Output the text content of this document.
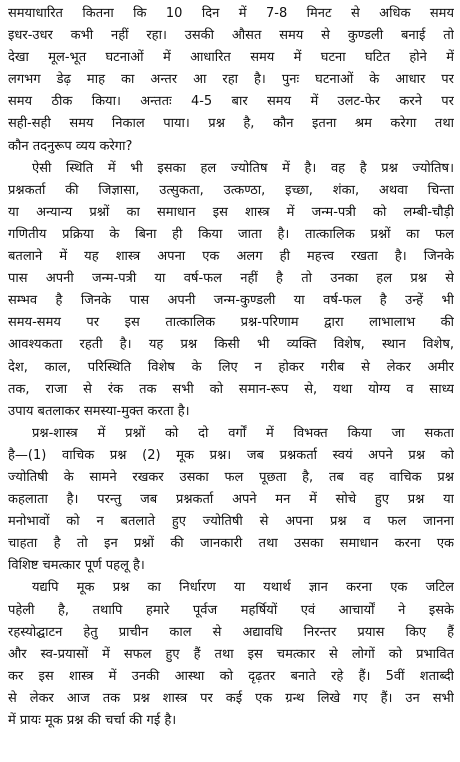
समयाधारित कितना कि 10 दिन में 7-8 मिनट से अधिक समय
इधर-उधर कभी नहीं रहा। उसकी औसत समय से कुण्डली बनाई तो
देखा मूल-भूत घटनाओं में आधारित समय में घटना घटित होने में
लगभग डेढ़ माह का अन्तर आ रहा है। पुनः घटनाओं के आधार पर
समय ठीक किया। अन्ततः 4-5 बार समय में उलट-फेर करने पर
सही-सही समय निकाल पाया। प्रश्न है, कौन इतना श्रम करेगा तथा
कौन तदनुरूप व्यय करेगा?
ऐसी स्थिति में भी इसका हल ज्योतिष में है। वह है प्रश्न ज्योतिष।
प्रश्नकर्ता की जिज्ञासा, उत्सुकता, उत्कण्ठा, इच्छा, शंका, अथवा चिन्ता
या अन्यान्य प्रश्नों का समाधान इस शास्त्र में जन्म-पत्री को लम्बी-चौड़ी
गणितीय प्रक्रिया के बिना ही किया जाता है। तात्कालिक प्रश्नों का फल
बतलाने में यह शास्त्र अपना एक अलग ही महत्त्व रखता है। जिनके
पास अपनी जन्म-पत्री या वर्ष-फल नहीं है तो उनका हल प्रश्न से
सम्भव है जिनके पास अपनी जन्म-कुण्डली या वर्ष-फल है उन्हें भी
समय-समय पर इस तात्कालिक प्रश्न-परिणाम द्वारा लाभालाभ की
आवश्यकता रहती है। यह प्रश्न किसी भी व्यक्ति विशेष, स्थान विशेष,
देश, काल, परिस्थिति विशेष के लिए न होकर गरीब से लेकर अमीर
तक, राजा से रंक तक सभी को समान-रूप से, यथा योग्य व साध्य
उपाय बतलाकर समस्या-मुक्त करता है।
प्रश्न-शास्त्र में प्रश्नों को दो वर्गों में विभक्त किया जा सकता
है—(1) वाचिक प्रश्न (2) मूक प्रश्न। जब प्रश्नकर्ता स्वयं अपने प्रश्न को
ज्योतिषी के सामने रखकर उसका फल पूछता है, तब वह वाचिक प्रश्न
कहलाता है। परन्तु जब प्रश्नकर्ता अपने मन में सोचे हुए प्रश्न या
मनोभावों को न बतलाते हुए ज्योतिषी से अपना प्रश्न व फल जानना
चाहता है तो इन प्रश्नों की जानकारी तथा उसका समाधान करना एक
विशिष्ट चमत्कार पूर्ण पहलू है।
यद्यपि मूक प्रश्न का निर्धारण या यथार्थ ज्ञान करना एक जटिल
पहेली है, तथापि हमारे पूर्वज महर्षियों एवं आचार्यों ने इसके
रहस्योद्घाटन हेतु प्राचीन काल से अद्यावधि निरन्तर प्रयास किए हैं
और स्व-प्रयासों में सफल हुए हैं तथा इस चमत्कार से लोगों को प्रभावित
कर इस शास्त्र में उनकी आस्था को दृढ़तर बनाते रहे हैं। 5वीं शताब्दी
से लेकर आज तक प्रश्न शास्त्र पर कई एक ग्रन्थ लिखे गए हैं। उन सभी
में प्रायः मूक प्रश्न की चर्चा की गई है।
